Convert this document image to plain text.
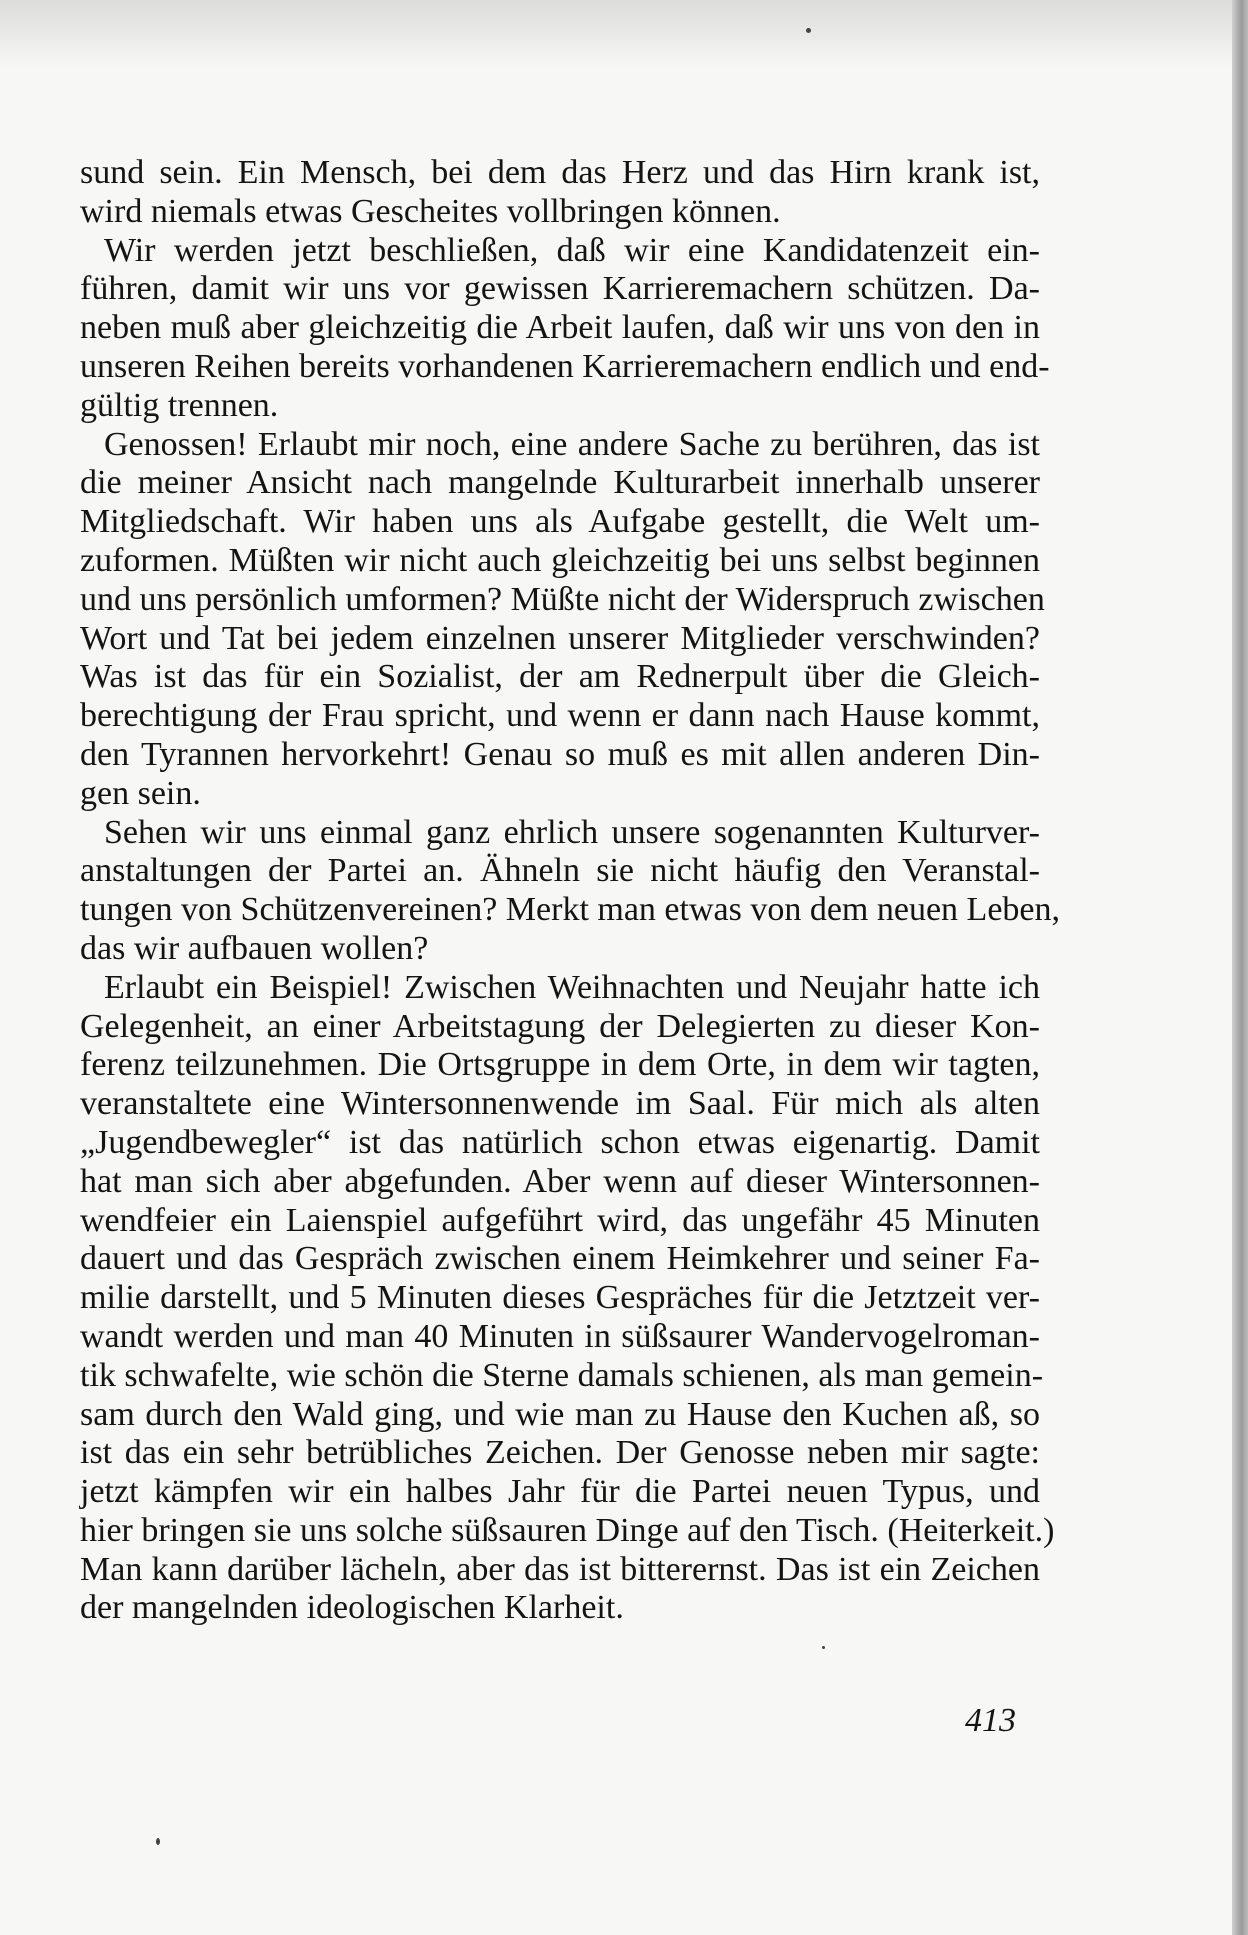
sund sein. Ein Mensch, bei dem das Herz und das Hirn krank ist,
wird niemals etwas Gescheites vollbringen können.
Wir werden jetzt beschließen, daß wir eine Kandidatenzeit ein-
führen, damit wir uns vor gewissen Karrieremachern schützen. Da-
neben muß aber gleichzeitig die Arbeit laufen, daß wir uns von den in
unseren Reihen bereits vorhandenen Karrieremachern endlich und end-
gültig trennen.
Genossen! Erlaubt mir noch, eine andere Sache zu berühren, das ist
die meiner Ansicht nach mangelnde Kulturarbeit innerhalb unserer
Mitgliedschaft. Wir haben uns als Aufgabe gestellt, die Welt um-
zuformen. Müßten wir nicht auch gleichzeitig bei uns selbst beginnen
und uns persönlich umformen? Müßte nicht der Widerspruch zwischen
Wort und Tat bei jedem einzelnen unserer Mitglieder verschwinden?
Was ist das für ein Sozialist, der am Rednerpult über die Gleich-
berechtigung der Frau spricht, und wenn er dann nach Hause kommt,
den Tyrannen hervorkehrt! Genau so muß es mit allen anderen Din-
gen sein.
Sehen wir uns einmal ganz ehrlich unsere sogenannten Kulturver-
anstaltungen der Partei an. Ähneln sie nicht häufig den Veranstal-
tungen von Schützenvereinen? Merkt man etwas von dem neuen Leben,
das wir aufbauen wollen?
Erlaubt ein Beispiel! Zwischen Weihnachten und Neujahr hatte ich
Gelegenheit, an einer Arbeitstagung der Delegierten zu dieser Kon-
ferenz teilzunehmen. Die Ortsgruppe in dem Orte, in dem wir tagten,
veranstaltete eine Wintersonnenwende im Saal. Für mich als alten
„Jugendbewegler“ ist das natürlich schon etwas eigenartig. Damit
hat man sich aber abgefunden. Aber wenn auf dieser Wintersonnen-
wendfeier ein Laienspiel aufgeführt wird, das ungefähr 45 Minuten
dauert und das Gespräch zwischen einem Heimkehrer und seiner Fa-
milie darstellt, und 5 Minuten dieses Gespräches für die Jetztzeit ver-
wandt werden und man 40 Minuten in süßsaurer Wandervogelroman-
tik schwafelte, wie schön die Sterne damals schienen, als man gemein-
sam durch den Wald ging, und wie man zu Hause den Kuchen aß, so
ist das ein sehr betrübliches Zeichen. Der Genosse neben mir sagte:
jetzt kämpfen wir ein halbes Jahr für die Partei neuen Typus, und
hier bringen sie uns solche süßsauren Dinge auf den Tisch. (Heiterkeit.)
Man kann darüber lächeln, aber das ist bitterernst. Das ist ein Zeichen
der mangelnden ideologischen Klarheit.
413
